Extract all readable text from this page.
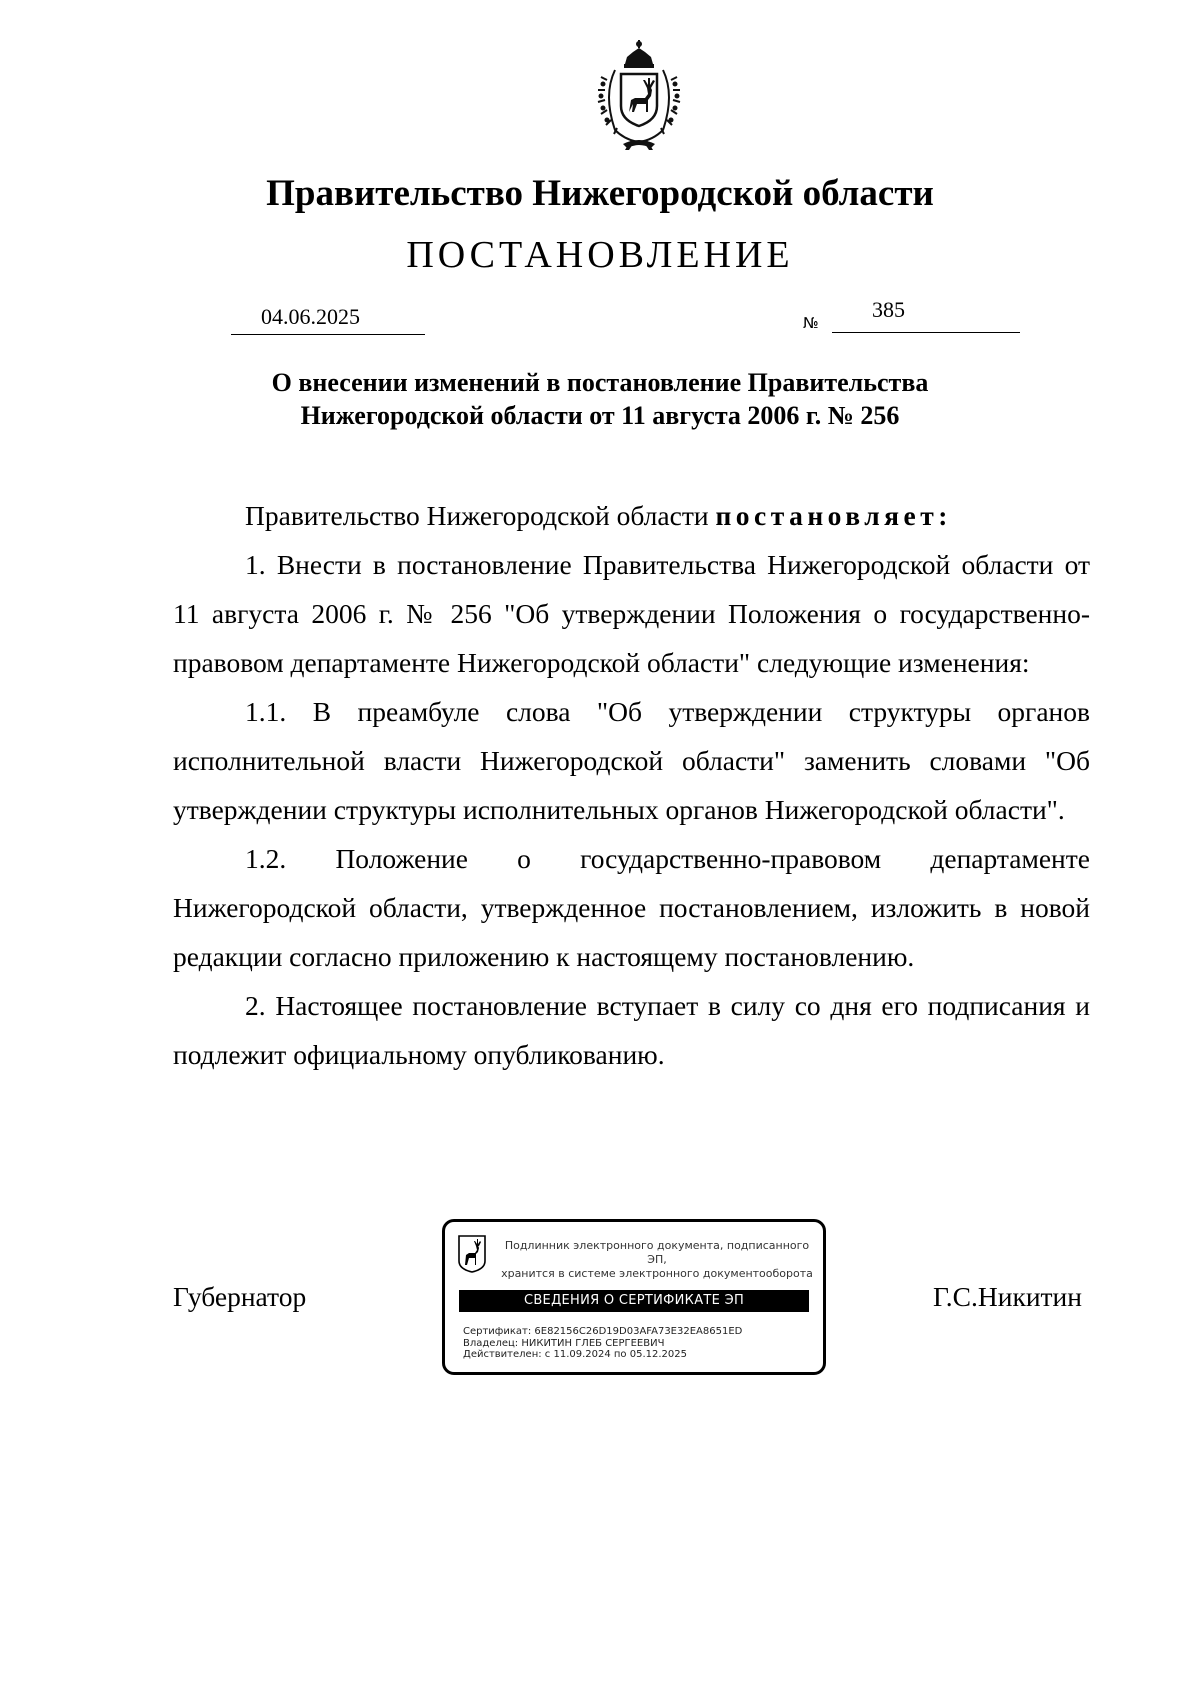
Правительство Нижегородской области
ПОСТАНОВЛЕНИЕ
04.06.2025	№
385
О внесении изменений в постановление Правительства
Нижегородской области от 11 августа 2006 г. № 256

Правительство Нижегородской области постановляет:

1. Внести в постановление Правительства Нижегородской области от 11 августа 2006 г. № 256 "Об утверждении Положения о государственно-правовом департаменте Нижегородской области" следующие изменения:

1.1. В преамбуле слова "Об утверждении структуры органов исполнительной власти Нижегородской области" заменить словами "Об утверждении структуры исполнительных органов Нижегородской области".

1.2. Положение о государственно-правовом департаменте Нижегородской области, утвержденное постановлением, изложить в новой редакции согласно приложению к настоящему постановлению.

2. Настоящее постановление вступает в силу со дня его подписания и подлежит официальному опубликованию.

Губернатор	Г.С.Никитин
Подлинник электронного документа, подписанного ЭП,
хранится в системе электронного документооборота
СВЕДЕНИЯ О СЕРТИФИКАТЕ ЭП
Сертификат: 6E82156C26D19D03AFA73E32EA8651ED
Владелец: НИКИТИН ГЛЕБ СЕРГЕЕВИЧ
Действителен: с 11.09.2024 по 05.12.2025
